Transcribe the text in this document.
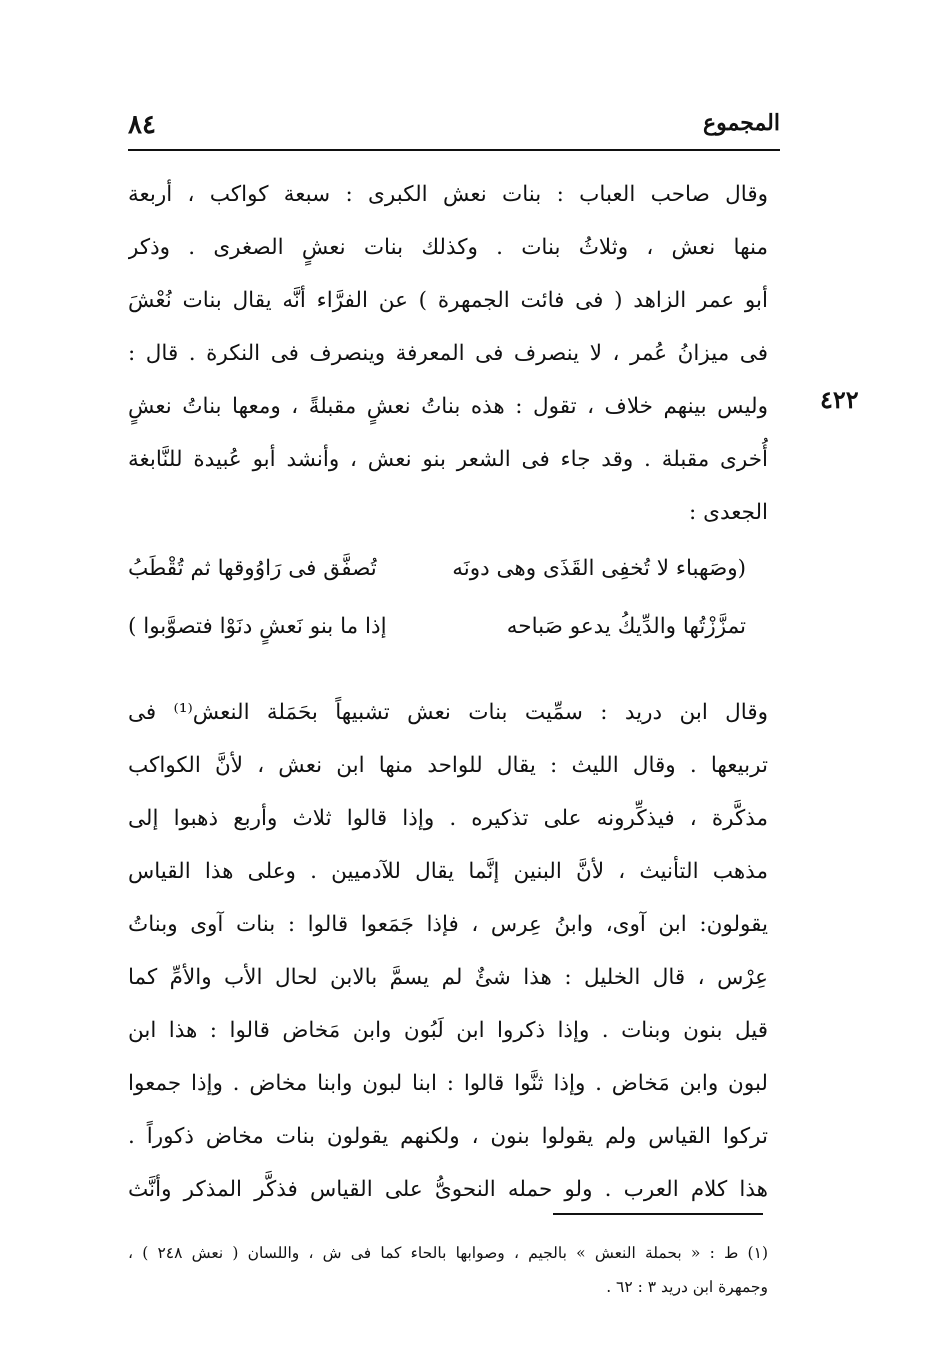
٨٤	المجموع
وقال صاحب العباب : بنات نعش الكبرى : سبعة كواكب ، أربعة
منها نعش ، وثلاثُ بنات . وكذلك بنات نعشٍ الصغرى . وذكر
أبو عمر الزاهد ( فى فائت الجمهرة ) عن الفرَّاء أنَّه يقال بنات نُعْشَ
فى ميزانُ عُمر ، لا ينصرف فى المعرفة وينصرف فى النكرة . قال :
وليس بينهم خلاف ، تقول : هذه بناتُ نعشٍ مقبلةً ، ومعها بناتُ نعشٍ
أُخرى مقبلة . وقد جاء فى الشعر بنو نعش ، وأنشد أبو عُبيدة للنَّابغة
الجعدى :
٤٢٢
(وصَهباء لا تُخفِى القَذَى وهى دونَه
تُصفَّق فى رَاوُوقها ثم تُقْطَبُ
تمزَّزْتُها والدِّيكُ يدعو صَباحه
إذا ما بنو نَعشٍ دنَوْا فتصوَّبوا )
وقال ابن دريد : سمِّيت بنات نعش تشبيهاً بحَمَلة النعش⁽¹⁾ فى
تربيعها . وقال الليث : يقال للواحد منها ابن نعش ، لأنَّ الكواكب
مذكَّرة ، فيذكِّرونه على تذكيره . وإذا قالوا ثلاث وأربع ذهبوا إلى
مذهب التأنيث ، لأنَّ البنين إنَّما يقال للآدميين . وعلى هذا القياس
يقولون: ابن آوى، وابنُ عِرس ، فإذا جَمَعوا قالوا : بنات آوى وبناتُ
عِرْس ، قال الخليل : هذا شئٌ لم يسمَّ بالابن لحال الأب والأمِّ كما
قيل بنون وبنات . وإذا ذكروا ابن لَبُون وابن مَخاض قالوا : هذا ابن
لبون وابن مَخاض . وإذا ثنَّوا قالوا : ابنا لبون وابنا مخاض . وإذا جمعوا
تركوا القياس ولم يقولوا بنون ، ولكنهم يقولون بنات مخاض ذكوراً .
هذا كلام العرب . ولو حمله النحوىُّ على القياس فذكَّر المذكر وأنَّث
(١) ط : « بحملة النعش » بالجيم ، وصوابها بالحاء كما فى ش ، واللسان ( نعش ٢٤٨ ) ،
وجمهرة ابن دريد ٣ : ٦٢ .
